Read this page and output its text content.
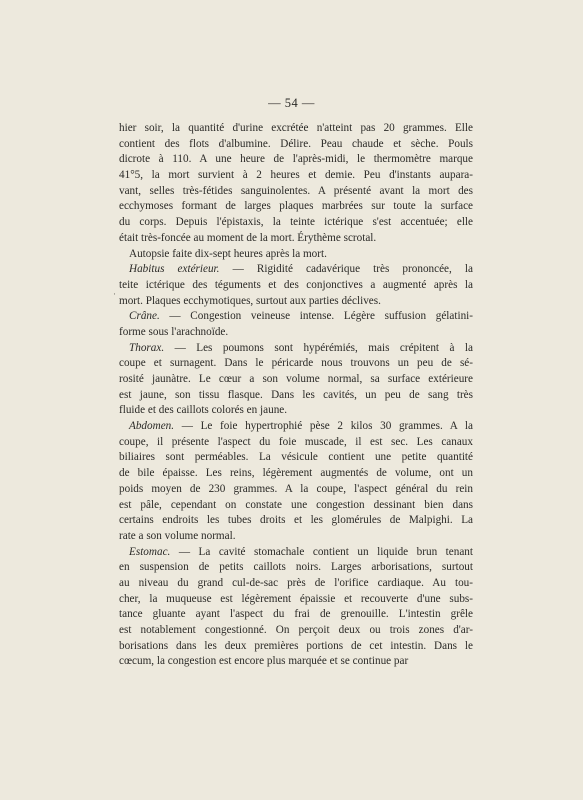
— 54 —
·
hier soir, la quantité d'urine excrétée n'atteint pas 20 grammes. Elle
contient des flots d'albumine. Délire. Peau chaude et sèche. Pouls
dicrote à 110. A une heure de l'après-midi, le thermomètre marque
41°5, la mort survient à 2 heures et demie. Peu d'instants aupara-
vant, selles très-fétides sanguinolentes. A présenté avant la mort des
ecchymoses formant de larges plaques marbrées sur toute la surface
du corps. Depuis l'épistaxis, la teinte ictérique s'est accentuée; elle
était très-foncée au moment de la mort. Érythème scrotal.
Autopsie faite dix-sept heures après la mort.
Habitus extérieur. — Rigidité cadavérique très prononcée, la
teite ictérique des téguments et des conjonctives a augmenté après la
mort. Plaques ecchymotiques, surtout aux parties déclives.
Crâne. — Congestion veineuse intense. Légère suffusion gélatini-
forme sous l'arachnoïde.
Thorax. — Les poumons sont hypérémiés, mais crépitent à la
coupe et surnagent. Dans le péricarde nous trouvons un peu de sé-
rosité jaunàtre. Le cœur a son volume normal, sa surface extérieure
est jaune, son tissu flasque. Dans les cavités, un peu de sang très
fluide et des caillots colorés en jaune.
Abdomen. — Le foie hypertrophié pèse 2 kilos 30 grammes. A la
coupe, il présente l'aspect du foie muscade, il est sec. Les canaux
biliaires sont perméables. La vésicule contient une petite quantité
de bile épaisse. Les reins, légèrement augmentés de volume, ont un
poids moyen de 230 grammes. A la coupe, l'aspect général du rein
est pâle, cependant on constate une congestion dessinant bien dans
certains endroits les tubes droits et les glomérules de Malpighi. La
rate a son volume normal.
Estomac. — La cavité stomachale contient un liquide brun tenant
en suspension de petits caillots noirs. Larges arborisations, surtout
au niveau du grand cul-de-sac près de l'orifice cardiaque. Au tou-
cher, la muqueuse est légèrement épaissie et recouverte d'une subs-
tance gluante ayant l'aspect du frai de grenouille. L'intestin grêle
est notablement congestionné. On perçoit deux ou trois zones d'ar-
borisations dans les deux premières portions de cet intestin. Dans le
cœcum, la congestion est encore plus marquée et se continue par
